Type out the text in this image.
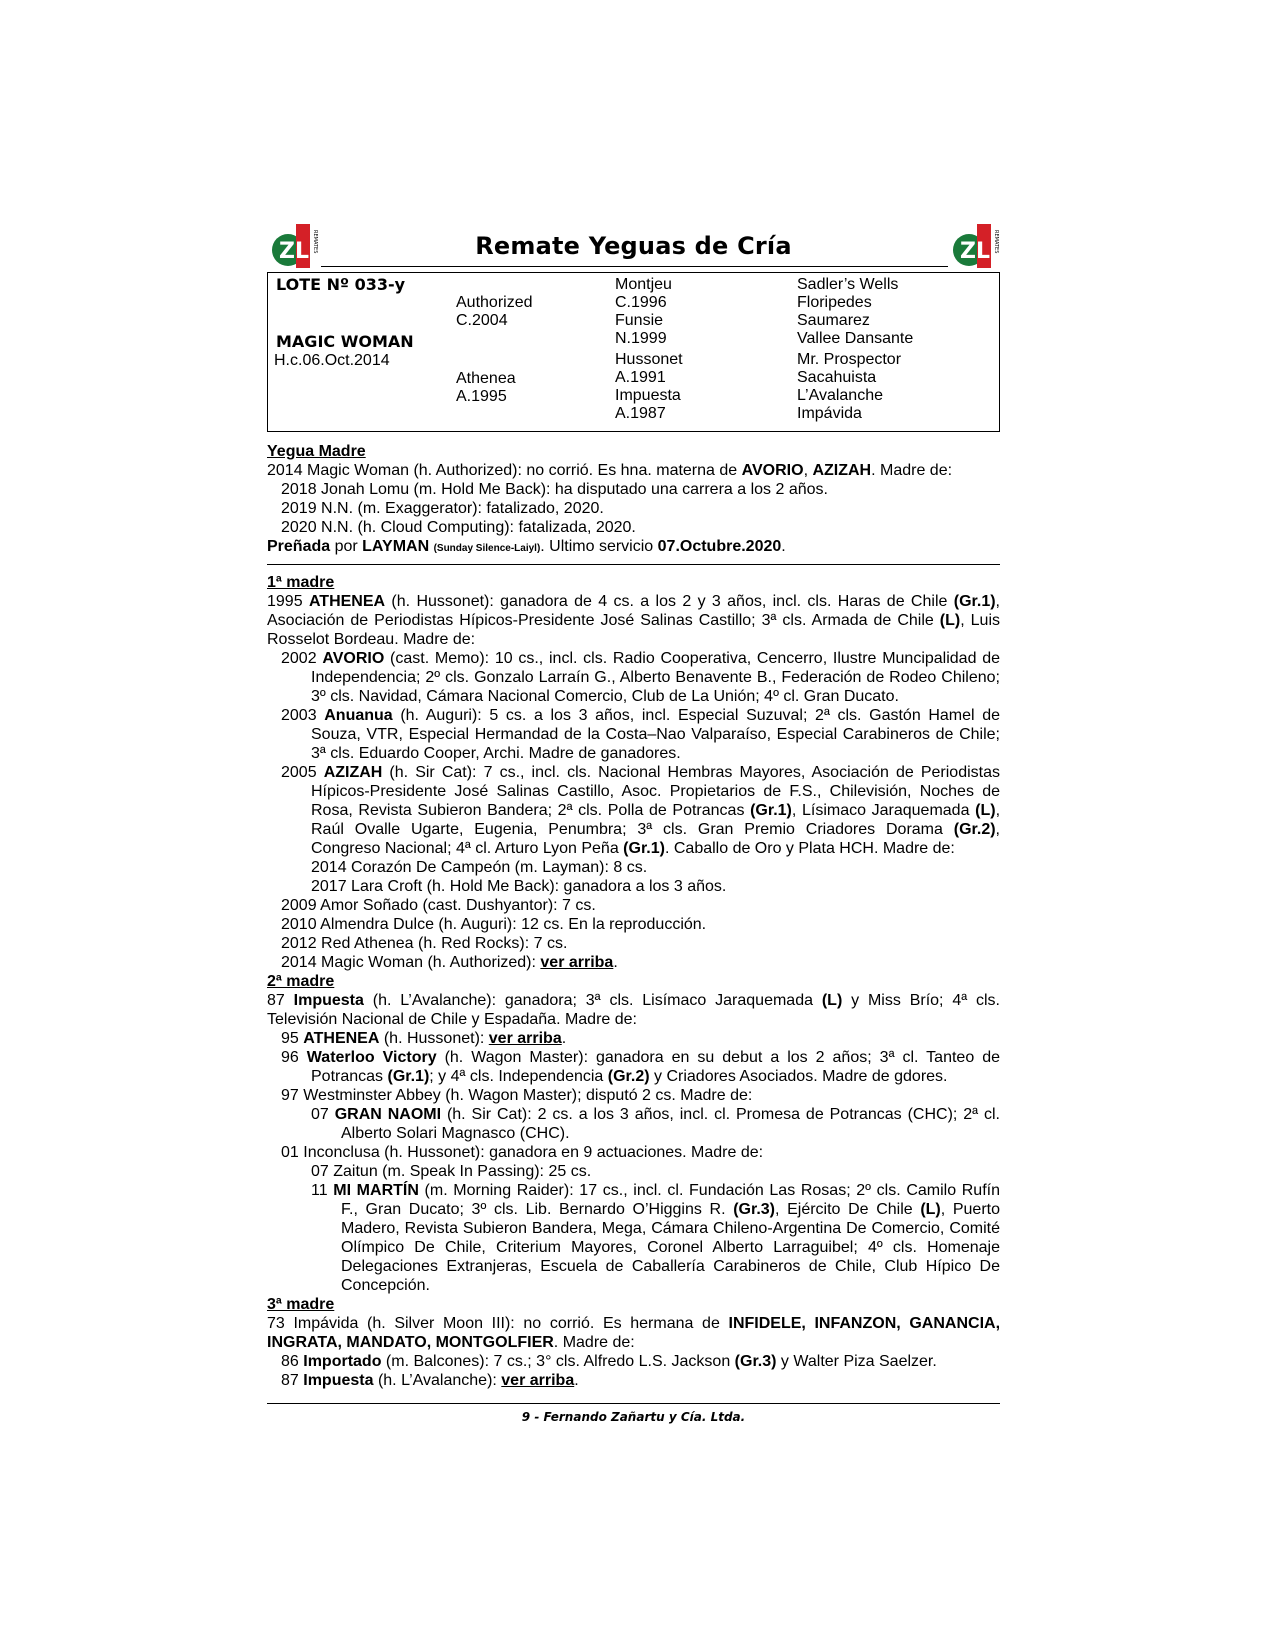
Z L REMATES	Remate Yeguas de Cría	Z L REMATES
LOTE Nº 033-y
MAGIC WOMAN
H.c.06.Oct.2014
Authorized
C.2004
Athenea
A.1995
Montjeu
C.1996
Funsie
N.1999
Hussonet
A.1991
Impuesta
A.1987
Sadler’s Wells
Floripedes
Saumarez
Vallee Dansante
Mr. Prospector
Sacahuista
L’Avalanche
Impávida
Yegua Madre
2014 Magic Woman (h. Authorized): no corrió. Es hna. materna de AVORIO, AZIZAH. Madre de:
2018 Jonah Lomu (m. Hold Me Back): ha disputado una carrera a los 2 años.
2019 N.N. (m. Exaggerator): fatalizado, 2020.
2020 N.N. (h. Cloud Computing): fatalizada, 2020.
Preñada por LAYMAN (Sunday Silence-Laiyl). Ultimo servicio 07.Octubre.2020.
1ª madre
1995 ATHENEA (h. Hussonet): ganadora de 4 cs. a los 2 y 3 años, incl. cls. Haras de Chile (Gr.1), Asociación de Periodistas Hípicos-Presidente José Salinas Castillo; 3ª cls. Armada de Chile (L), Luis Rosselot Bordeau. Madre de:
2002 AVORIO (cast. Memo): 10 cs., incl. cls. Radio Cooperativa, Cencerro, Ilustre Muncipalidad de Independencia; 2º cls. Gonzalo Larraín G., Alberto Benavente B., Federación de Rodeo Chileno; 3º cls. Navidad, Cámara Nacional Comercio, Club de La Unión; 4º cl. Gran Ducato.
2003 Anuanua (h. Auguri): 5 cs. a los 3 años, incl. Especial Suzuval; 2ª cls. Gastón Hamel de Souza, VTR, Especial Hermandad de la Costa–Nao Valparaíso, Especial Carabineros de Chile; 3ª cls. Eduardo Cooper, Archi. Madre de ganadores.
2005 AZIZAH (h. Sir Cat): 7 cs., incl. cls. Nacional Hembras Mayores, Asociación de Periodistas Hípicos-Presidente José Salinas Castillo, Asoc. Propietarios de F.S., Chilevisión, Noches de Rosa, Revista Subieron Bandera; 2ª cls. Polla de Potrancas (Gr.1), Lísimaco Jaraquemada (L), Raúl Ovalle Ugarte, Eugenia, Penumbra; 3ª cls. Gran Premio Criadores Dorama (Gr.2), Congreso Nacional; 4ª cl. Arturo Lyon Peña (Gr.1). Caballo de Oro y Plata HCH. Madre de:
2014 Corazón De Campeón (m. Layman): 8 cs.
2017 Lara Croft (h. Hold Me Back): ganadora a los 3 años.
2009 Amor Soñado (cast. Dushyantor): 7 cs.
2010 Almendra Dulce (h. Auguri): 12 cs. En la reproducción.
2012 Red Athenea (h. Red Rocks): 7 cs.
2014 Magic Woman (h. Authorized): ver arriba.
2ª madre
87 Impuesta (h. L’Avalanche): ganadora; 3ª cls. Lisímaco Jaraquemada (L) y Miss Brío; 4ª cls. Televisión Nacional de Chile y Espadaña. Madre de:
95 ATHENEA (h. Hussonet): ver arriba.
96 Waterloo Victory (h. Wagon Master): ganadora en su debut a los 2 años; 3ª cl. Tanteo de Potrancas (Gr.1); y 4ª cls. Independencia (Gr.2) y Criadores Asociados. Madre de gdores.
97 Westminster Abbey (h. Wagon Master); disputó 2 cs. Madre de:
07 GRAN NAOMI (h. Sir Cat): 2 cs. a los 3 años, incl. cl. Promesa de Potrancas (CHC); 2ª cl. Alberto Solari Magnasco (CHC).
01 Inconclusa (h. Hussonet): ganadora en 9 actuaciones. Madre de:
07 Zaitun (m. Speak In Passing): 25 cs.
11 MI MARTÍN (m. Morning Raider): 17 cs., incl. cl. Fundación Las Rosas; 2º cls. Camilo Rufín F., Gran Ducato; 3º cls. Lib. Bernardo O’Higgins R. (Gr.3), Ejército De Chile (L), Puerto Madero, Revista Subieron Bandera, Mega, Cámara Chileno-Argentina De Comercio, Comité Olímpico De Chile, Criterium Mayores, Coronel Alberto Larraguibel; 4º cls. Homenaje Delegaciones Extranjeras, Escuela de Caballería Carabineros de Chile, Club Hípico De Concepción.
3ª madre
73 Impávida (h. Silver Moon III): no corrió. Es hermana de INFIDELE, INFANZON, GANANCIA, INGRATA, MANDATO, MONTGOLFIER. Madre de:
86 Importado (m. Balcones): 7 cs.; 3° cls. Alfredo L.S. Jackson (Gr.3) y Walter Piza Saelzer.
87 Impuesta (h. L’Avalanche): ver arriba.
9 - Fernando Zañartu y Cía. Ltda.
